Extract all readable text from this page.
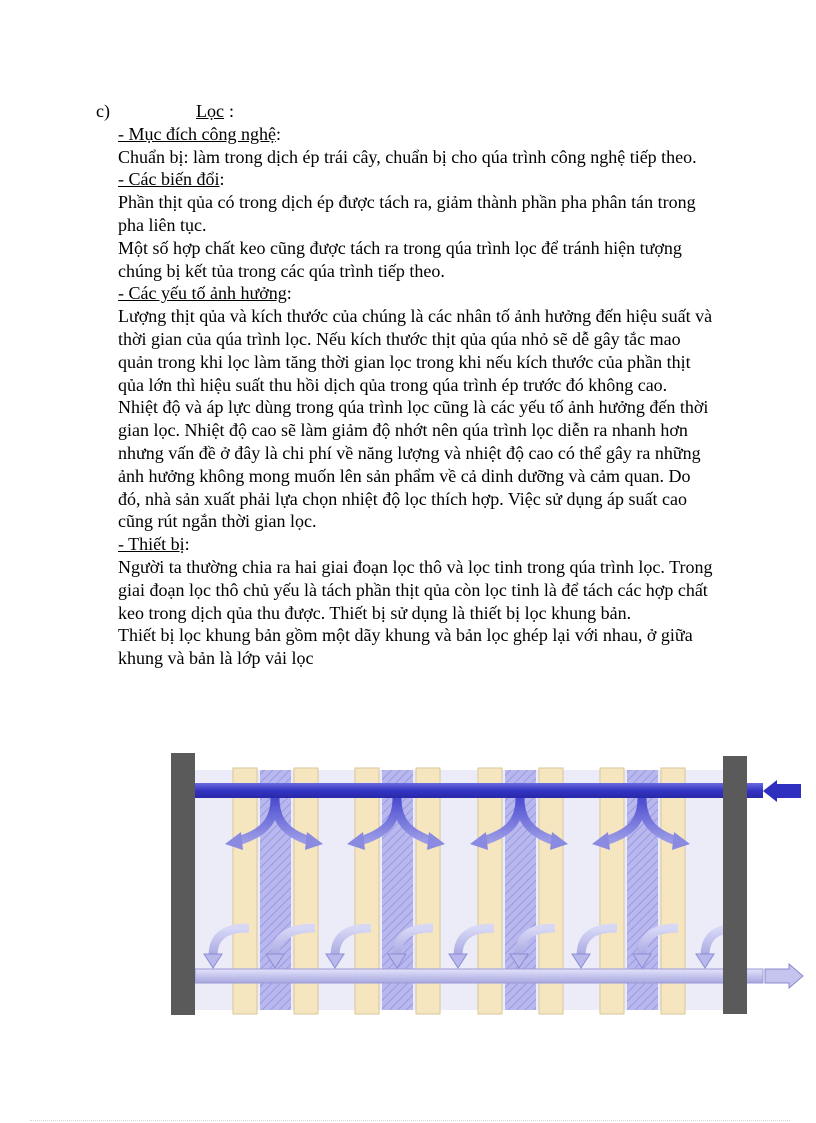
c)	Lọc :

- Mục đích công nghệ:

Chuẩn bị: làm trong dịch ép trái cây, chuẩn bị cho qúa trình công nghệ tiếp theo.

- Các biến đổi:

Phần thịt qủa có trong dịch ép được tách ra, giảm thành phần pha phân tán trong pha liên tục.

Một số hợp chất keo cũng được tách ra trong qúa trình lọc để tránh hiện tượng chúng bị kết tủa trong các qúa trình tiếp theo.

- Các yếu tố ảnh hưởng:

Lượng thịt qủa và kích thước của chúng là các nhân tố ảnh hưởng đến hiệu suất và thời gian của qúa trình lọc. Nếu kích thước thịt qủa qúa nhỏ sẽ dễ gây tắc mao quản trong khi lọc làm tăng thời gian lọc trong khi nếu kích thước của phần thịt qủa lớn thì hiệu suất thu hồi dịch qủa trong qúa trình ép trước đó không cao.

Nhiệt độ và áp lực dùng trong qúa trình lọc cũng là các yếu tố ảnh hưởng đến thời gian lọc. Nhiệt độ cao sẽ làm giảm độ nhớt nên qúa trình lọc diễn ra nhanh hơn nhưng vấn đề ở đây là chi phí về năng lượng và nhiệt độ cao có thể gây ra những ảnh hưởng không mong muốn lên sản phẩm về cả dinh dưỡng và cảm quan. Do đó, nhà sản xuất phải lựa chọn nhiệt độ lọc thích hợp. Việc sử dụng áp suất cao cũng rút ngắn thời gian lọc.

- Thiết bị:

Người ta thường chia ra hai giai đoạn lọc thô và lọc tinh trong qúa trình lọc. Trong giai đoạn lọc thô chủ yếu là tách phần thịt qủa còn lọc tinh là để tách các hợp chất keo trong dịch qủa thu được. Thiết bị sử dụng là thiết bị lọc khung bản.

Thiết bị lọc khung bản gồm một dãy khung và bản lọc ghép lại với nhau, ở giữa khung và bản là lớp vải lọc
